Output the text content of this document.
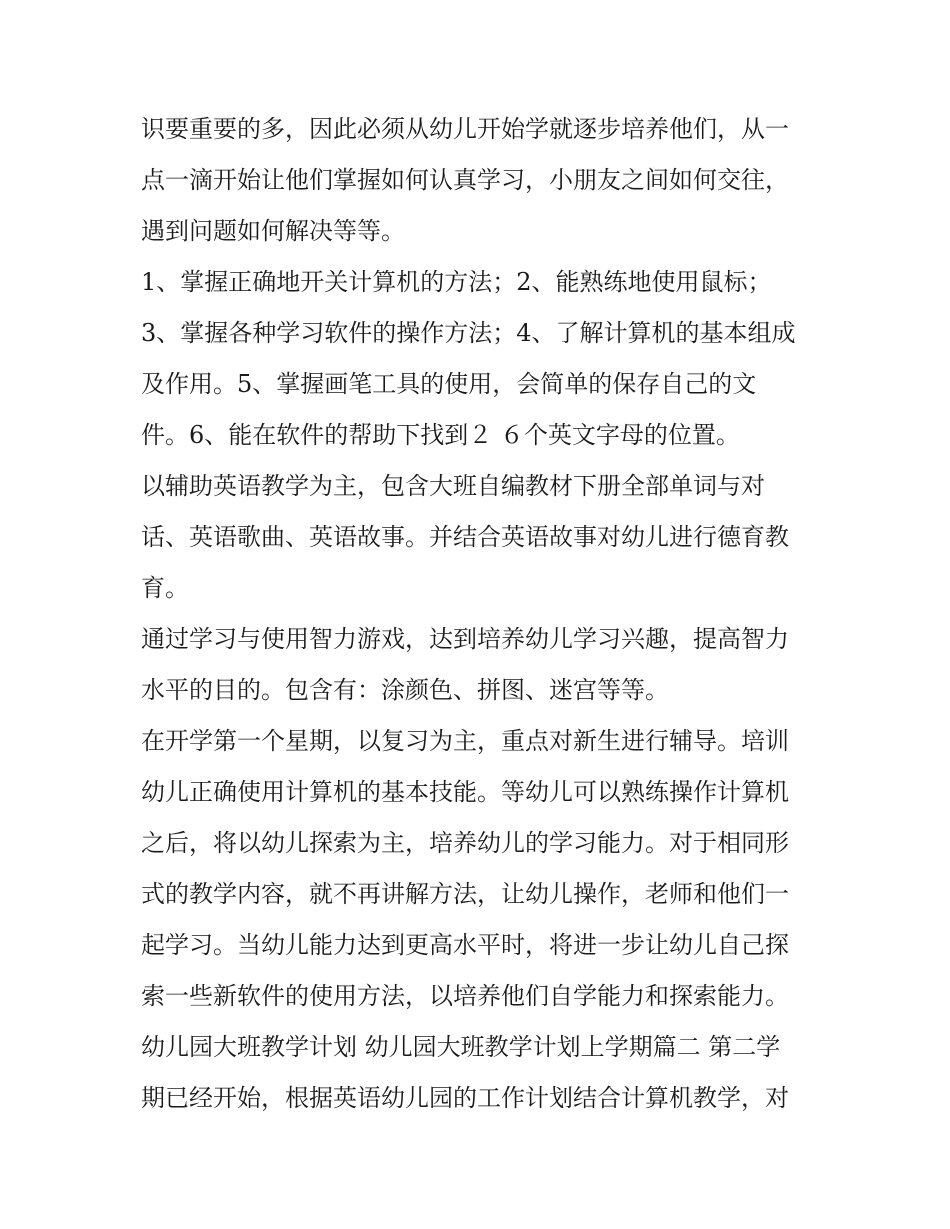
识要重要的多，因此必须从幼儿开始学就逐步培养他们，从一
点一滴开始让他们掌握如何认真学习，小朋友之间如何交往，
遇到问题如何解决等等。
1、掌握正确地开关计算机的方法；2、能熟练地使用鼠标；
3、掌握各种学习软件的操作方法；4、了解计算机的基本组成
及作用。5、掌握画笔工具的使用，会简单的保存自己的文
件。6、能在软件的帮助下找到２ ６个英文字母的位置。
以辅助英语教学为主，包含大班自编教材下册全部单词与对
话、英语歌曲、英语故事。并结合英语故事对幼儿进行德育教
育。
通过学习与使用智力游戏，达到培养幼儿学习兴趣，提高智力
水平的目的。包含有：涂颜色、拼图、迷宫等等。
在开学第一个星期，以复习为主，重点对新生进行辅导。培训
幼儿正确使用计算机的基本技能。等幼儿可以熟练操作计算机
之后，将以幼儿探索为主，培养幼儿的学习能力。对于相同形
式的教学内容，就不再讲解方法，让幼儿操作，老师和他们一
起学习。当幼儿能力达到更高水平时，将进一步让幼儿自己探
索一些新软件的使用方法，以培养他们自学能力和探索能力。
幼儿园大班教学计划 幼儿园大班教学计划上学期篇二 第二学
期已经开始，根据英语幼儿园的工作计划结合计算机教学，对
